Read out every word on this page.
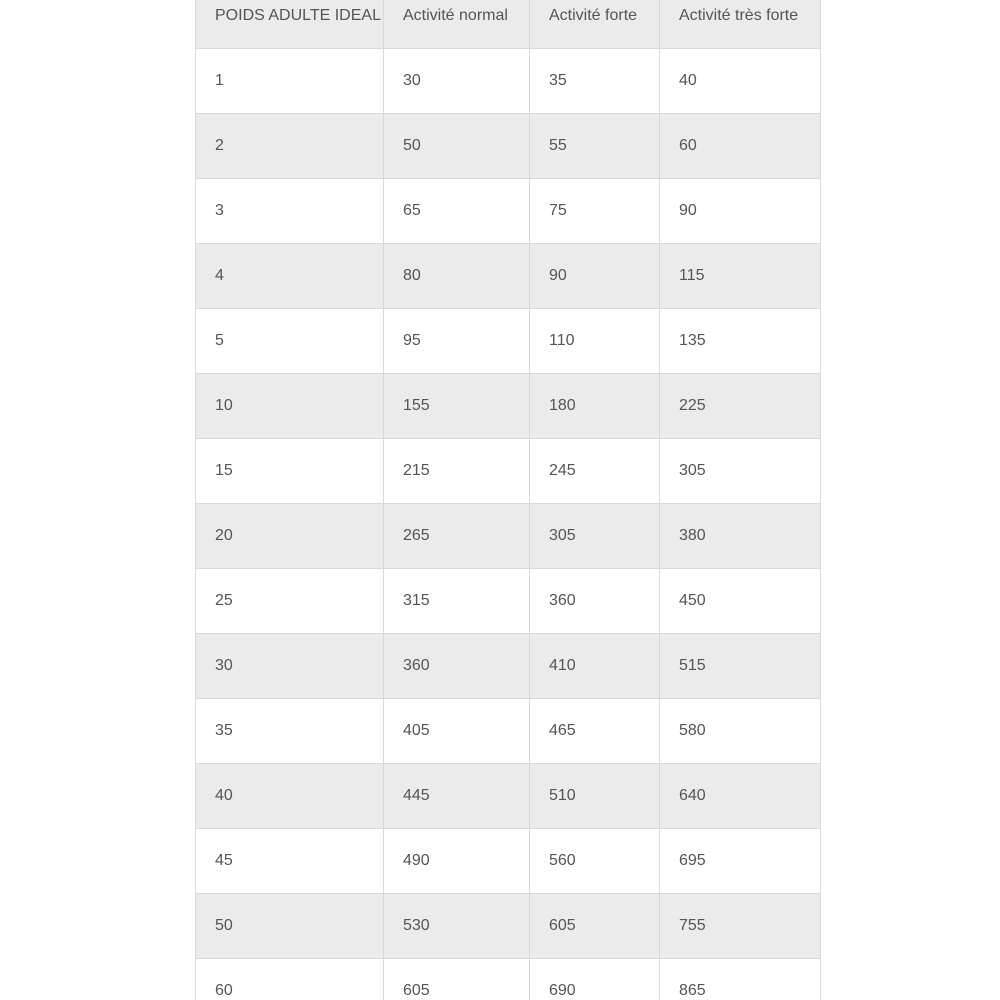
POIDS ADULTE IDEAL	Activité normal	Activité forte	Activité très forte
1	30	35	40
2	50	55	60
3	65	75	90
4	80	90	115
5	95	110	135
10	155	180	225
15	215	245	305
20	265	305	380
25	315	360	450
30	360	410	515
35	405	465	580
40	445	510	640
45	490	560	695
50	530	605	755
60	605	690	865
